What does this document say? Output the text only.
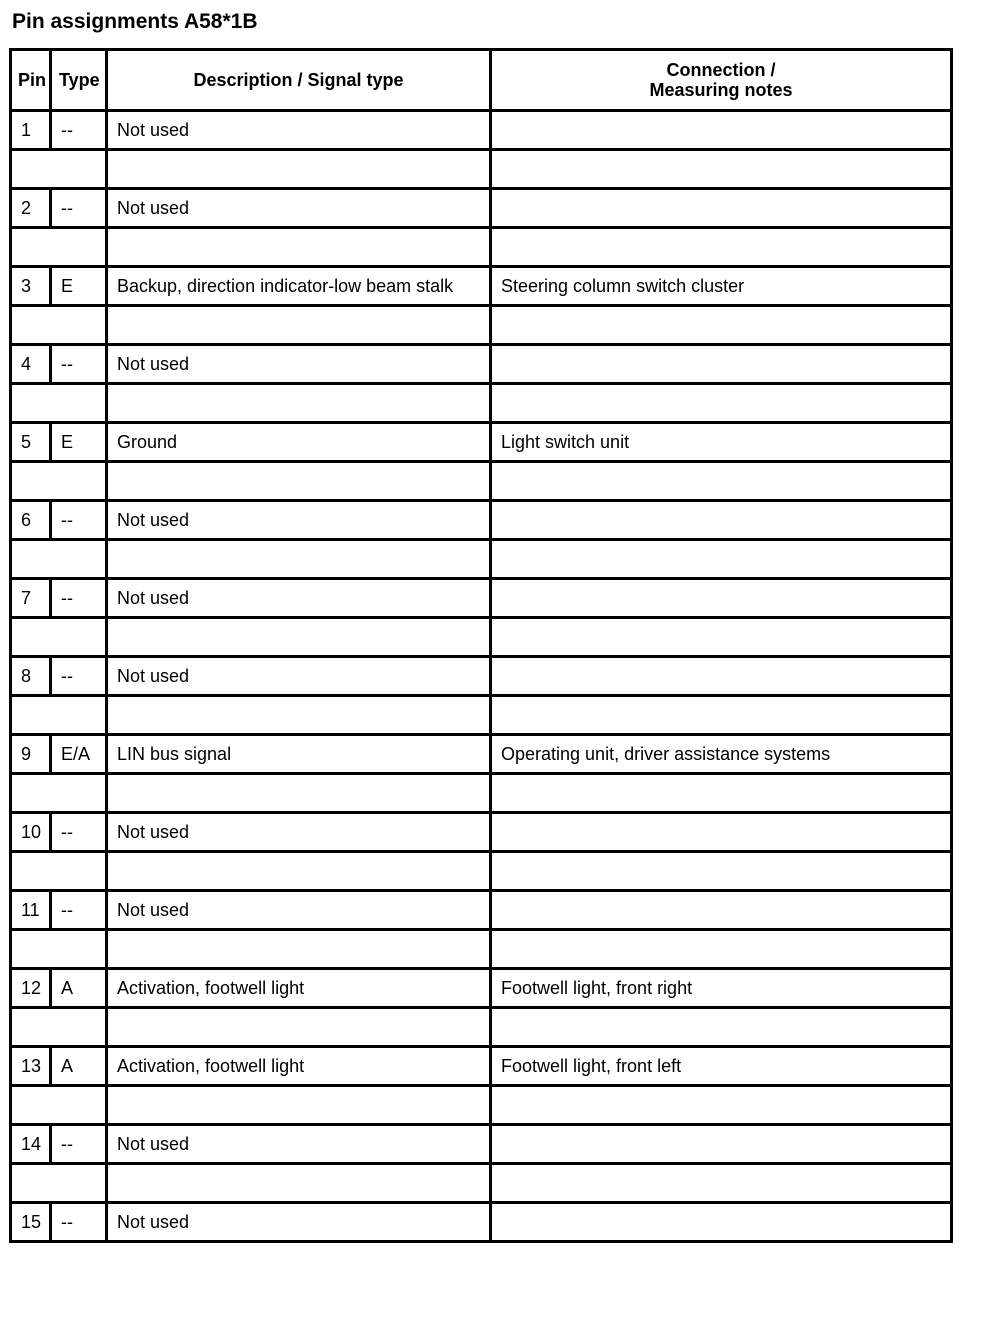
Pin assignments A58*1B
Pin	Type	Description / Signal type	Connection /
Measuring notes

1	--	Not used	

2	--	Not used	

3	E	Backup, direction indicator-low beam stalk	Steering column switch cluster

4	--	Not used	

5	E	Ground	Light switch unit

6	--	Not used	

7	--	Not used	

8	--	Not used	

9	E/A	LIN bus signal	Operating unit, driver assistance systems

10	--	Not used	

11	--	Not used	

12	A	Activation, footwell light	Footwell light, front right

13	A	Activation, footwell light	Footwell light, front left

14	--	Not used	

15	--	Not used	
